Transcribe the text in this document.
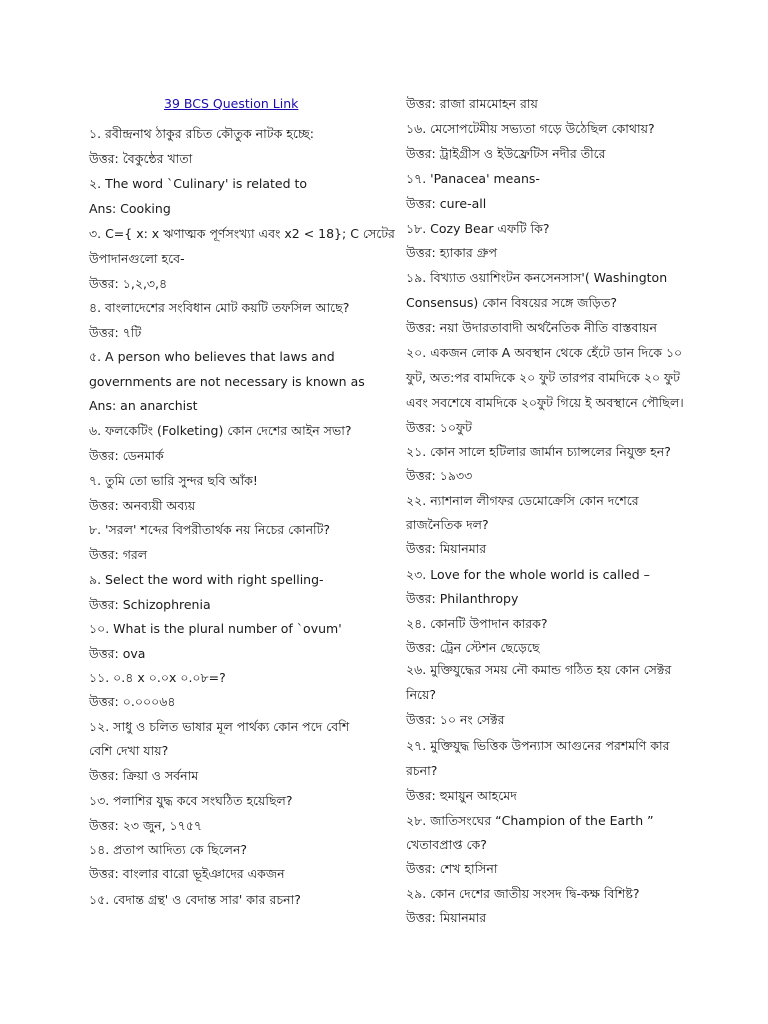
39 BCS Question Link
১. রবীন্দ্রনাথ ঠাকুর রচিত কৌতুক নাটক হচ্ছে:
উত্তর: বৈকুন্ঠের খাতা
২. The word `Culinary' is related to
Ans: Cooking
৩. C={ x: x ঋণাত্মক পূর্ণসংখ্যা এবং x2 < 18}; C সেটের
উপাদানগুলো হবে-
উত্তর: ১,২,৩,৪
৪. বাংলাদেশের সংবিধান মোট কয়টি তফসিল আছে?
উত্তর: ৭টি
৫. A person who believes that laws and
governments are not necessary is known as
Ans: an anarchist
৬. ফলকেটিং (Folketing) কোন দেশের আইন সভা?
উত্তর: ডেনমার্ক
৭. তুমি তো ভারি সুন্দর ছবি আঁক!
উত্তর: অনব্যয়ী অব্যয়
৮. 'সরল' শব্দের বিপরীতার্থক নয় নিচের কোনটি?
উত্তর: গরল
৯. Select the word with right spelling-
উত্তর: Schizophrenia
১০. What is the plural number of `ovum'
উত্তর: ova
১১. ০.৪ x ০.০x ০.০৮=?
উত্তর: ০.০০০৬৪
১২. সাধু ও চলিত ভাষার মূল পার্থক্য কোন পদে বেশি
বেশি দেখা যায়?
উত্তর: ক্রিয়া ও সর্বনাম
১৩. পলাশির যুদ্ধ কবে সংঘঠিত হয়েছিল?
উত্তর: ২৩ জুন, ১৭৫৭
১৪. প্রতাপ আদিত্য কে ছিলেন?
উত্তর: বাংলার বারো ভূইঞাদের একজন
১৫. বেদান্ত গ্রন্থ' ও বেদান্ত সার' কার রচনা?
উত্তর: রাজা রামমোহন রায়
১৬. মেসোপটেমীয় সভ্যতা গড়ে উঠেছিল কোথায়?
উত্তর: ট্রাইগ্রীস ও ইউফ্রেটিস নদীর তীরে
১৭. 'Panacea' means-
উত্তর: cure-all
১৮. Cozy Bear এফটি কি?
উত্তর: হ্যাকার গ্রুপ
১৯. বিখ্যাত ওয়াশিংটন কনসেনসাস'( Washington
Consensus) কোন বিষয়ের সঙ্গে জড়িত?
উত্তর: নয়া উদারতাবাদী অর্থনৈতিক নীতি বাস্তবায়ন
২০. একজন লোক A অবস্থান থেকে হেঁটে ডান দিকে ১০
ফুট, অত:পর বামদিকে ২০ ফুট তারপর বামদিকে ২০ ফুট
এবং সবশেষে বামদিকে ২০ফুট গিয়ে ই অবস্থানে পৌছিল।
উত্তর: ১০ফুট
২১. কোন সালে হটিলার জার্মান চ্যান্সলের নিযুক্ত হন?
উত্তর: ১৯৩৩
২২. ন্যাশনাল লীগফর ডেমোক্রেসি কোন দশেরে
রাজনৈতিক দল?
উত্তর: মিয়ানমার
২৩. Love for the whole world is called –
উত্তর: Philanthropy
২৪. কোনটি উপাদান কারক?
উত্তর: ট্রেন স্টেশন ছেড়েছে
২৬. মুক্তিযুদ্ধের সময় নৌ কমান্ড গঠিত হয় কোন সেক্টর
নিয়ে?
উত্তর: ১০ নং সেক্টর
২৭. মুক্তিযুদ্ধ ভিত্তিক উপন্যাস আগুনের পরশমণি কার
রচনা?
উত্তর: হুমায়ুন আহমেদ
২৮. জাতিসংঘের “Champion of the Earth ”
খেতাবপ্রাপ্ত কে?
উত্তর: শেখ হাসিনা
২৯. কোন দেশের জাতীয় সংসদ দ্বি-কক্ষ বিশিষ্ট?
উত্তর: মিয়ানমার
